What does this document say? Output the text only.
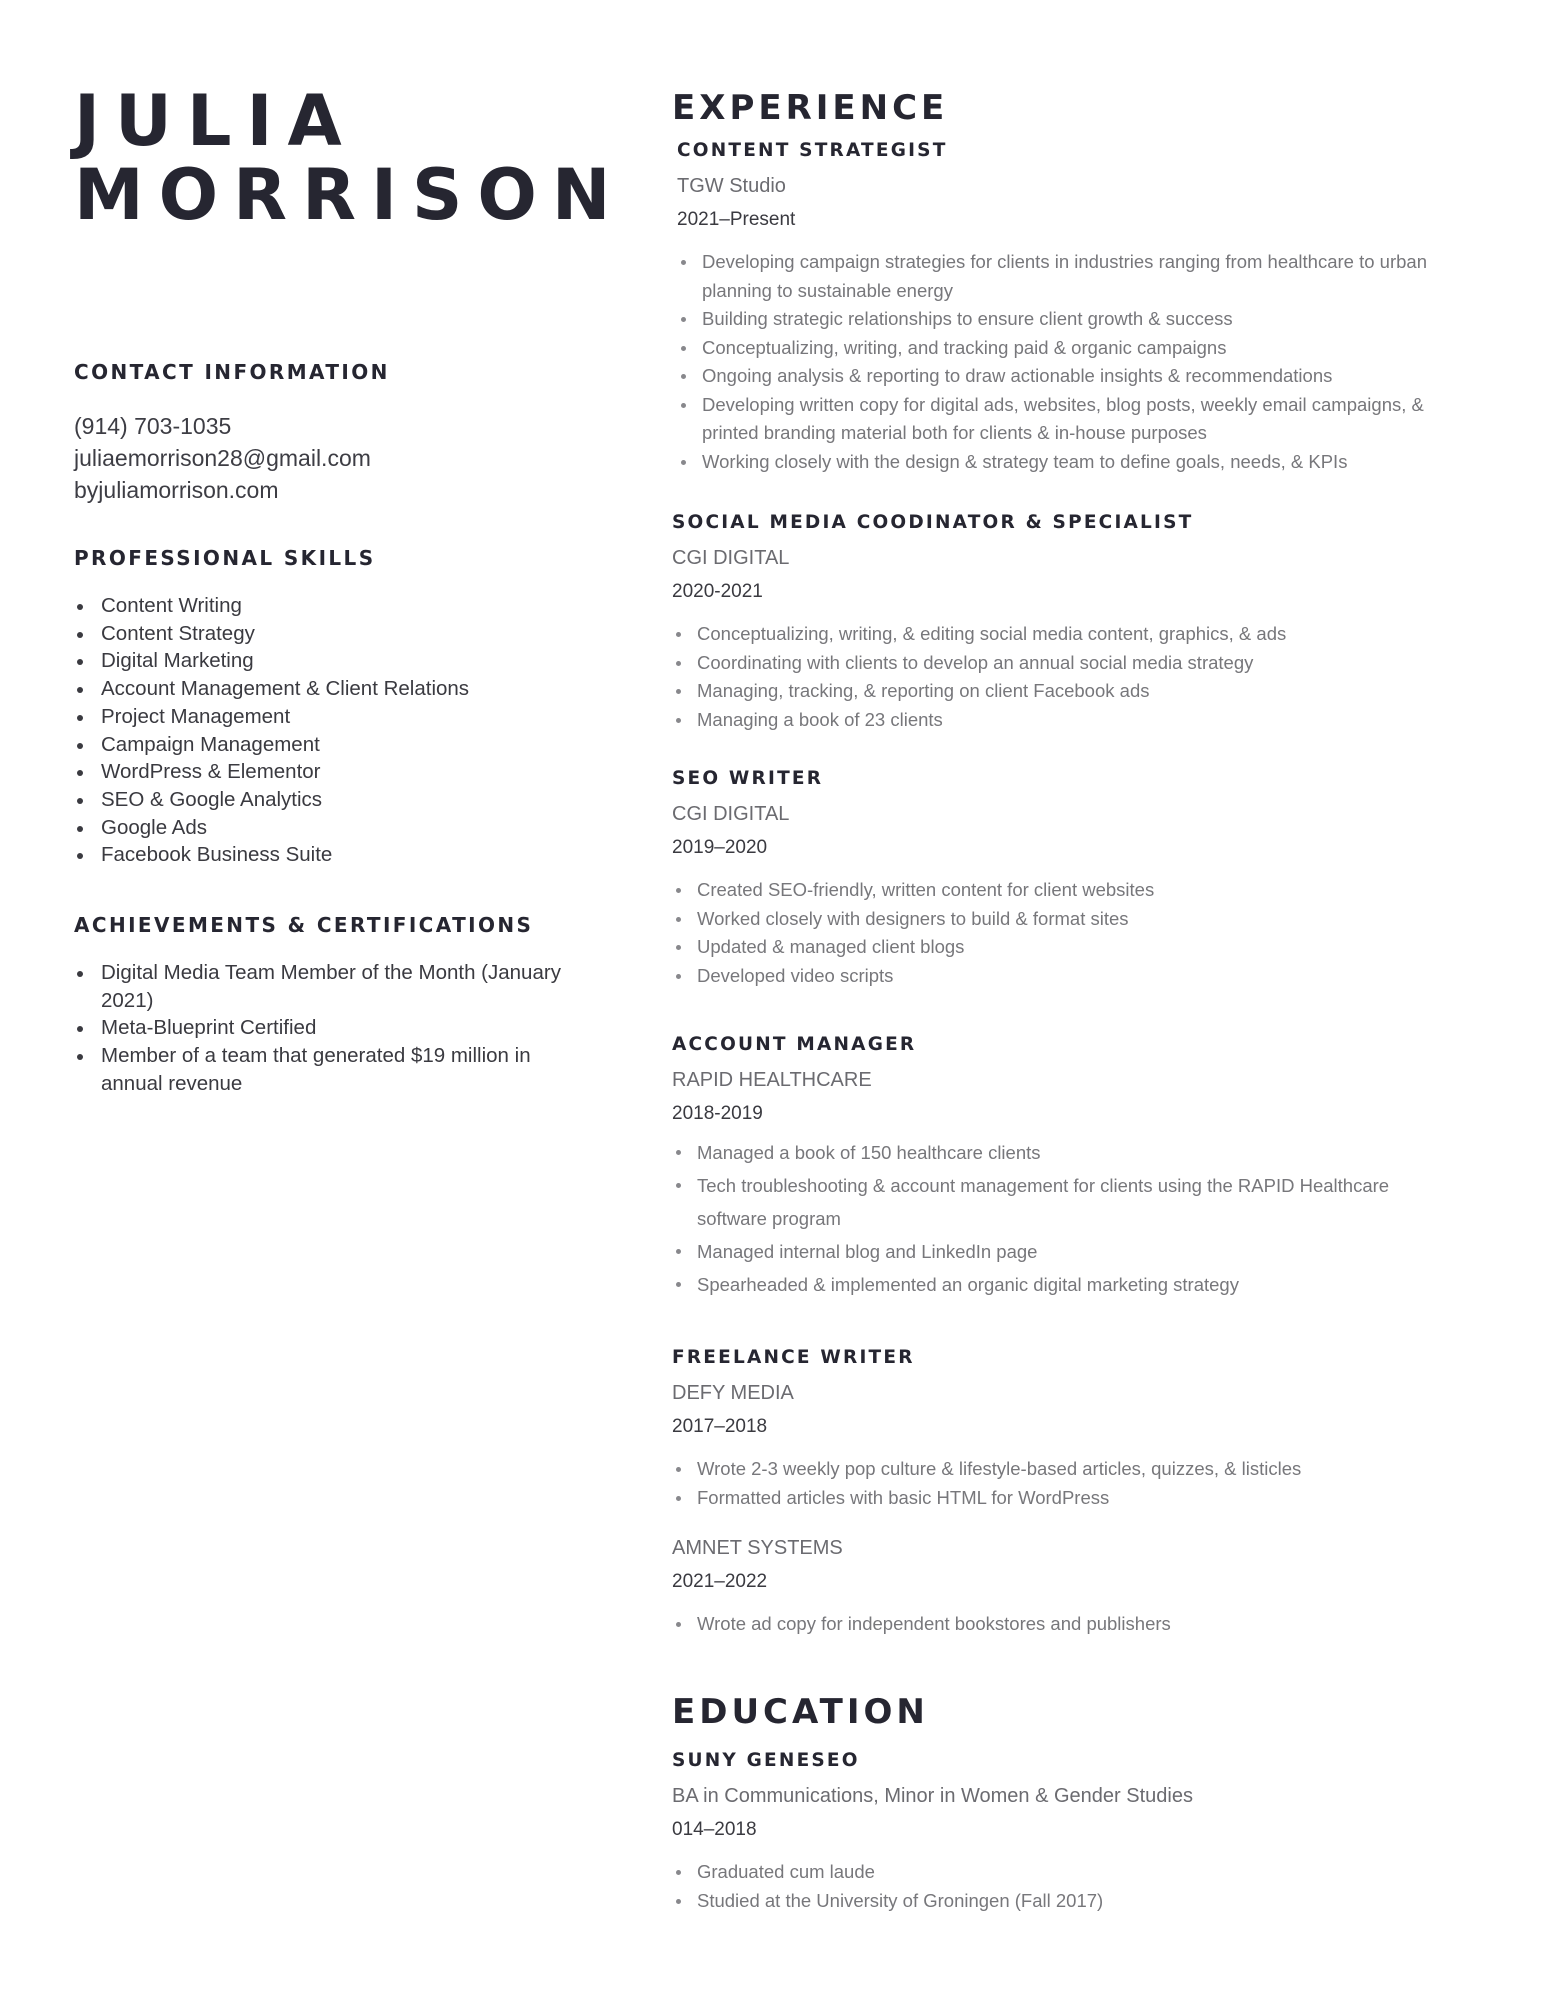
JULIA
MORRISON
CONTACT INFORMATION
(914) 703-1035
juliaemorrison28@gmail.com
byjuliamorrison.com
PROFESSIONAL SKILLS
Content Writing
Content Strategy
Digital Marketing
Account Management & Client Relations
Project Management
Campaign Management
WordPress & Elementor
SEO & Google Analytics
Google Ads
Facebook Business Suite
ACHIEVEMENTS & CERTIFICATIONS
Digital Media Team Member of the Month (January 2021)
Meta-Blueprint Certified
Member of a team that generated $19 million in annual revenue
EXPERIENCE
CONTENT STRATEGIST
TGW Studio
2021–Present
Developing campaign strategies for clients in industries ranging from healthcare to urban planning to sustainable energy
Building strategic relationships to ensure client growth & success
Conceptualizing, writing, and tracking paid & organic campaigns
Ongoing analysis & reporting to draw actionable insights & recommendations
Developing written copy for digital ads, websites, blog posts, weekly email campaigns, & printed branding material both for clients & in-house purposes
Working closely with the design & strategy team to define goals, needs, & KPIs
SOCIAL MEDIA COODINATOR & SPECIALIST
CGI DIGITAL
2020-2021
Conceptualizing, writing, & editing social media content, graphics, & ads
Coordinating with clients to develop an annual social media strategy
Managing, tracking, & reporting on client Facebook ads
Managing a book of 23 clients
SEO WRITER
CGI DIGITAL
2019–2020
Created SEO-friendly, written content for client websites
Worked closely with designers to build & format sites
Updated & managed client blogs
Developed video scripts
ACCOUNT MANAGER
RAPID HEALTHCARE
2018-2019
Managed a book of 150 healthcare clients
Tech troubleshooting & account management for clients using the RAPID Healthcare software program
Managed internal blog and LinkedIn page
Spearheaded & implemented an organic digital marketing strategy
FREELANCE WRITER
DEFY MEDIA
2017–2018
Wrote 2-3 weekly pop culture & lifestyle-based articles, quizzes, & listicles
Formatted articles with basic HTML for WordPress
AMNET SYSTEMS
2021–2022
Wrote ad copy for independent bookstores and publishers
EDUCATION
SUNY GENESEO
BA in Communications, Minor in Women & Gender Studies
014–2018
Graduated cum laude
Studied at the University of Groningen (Fall 2017)
